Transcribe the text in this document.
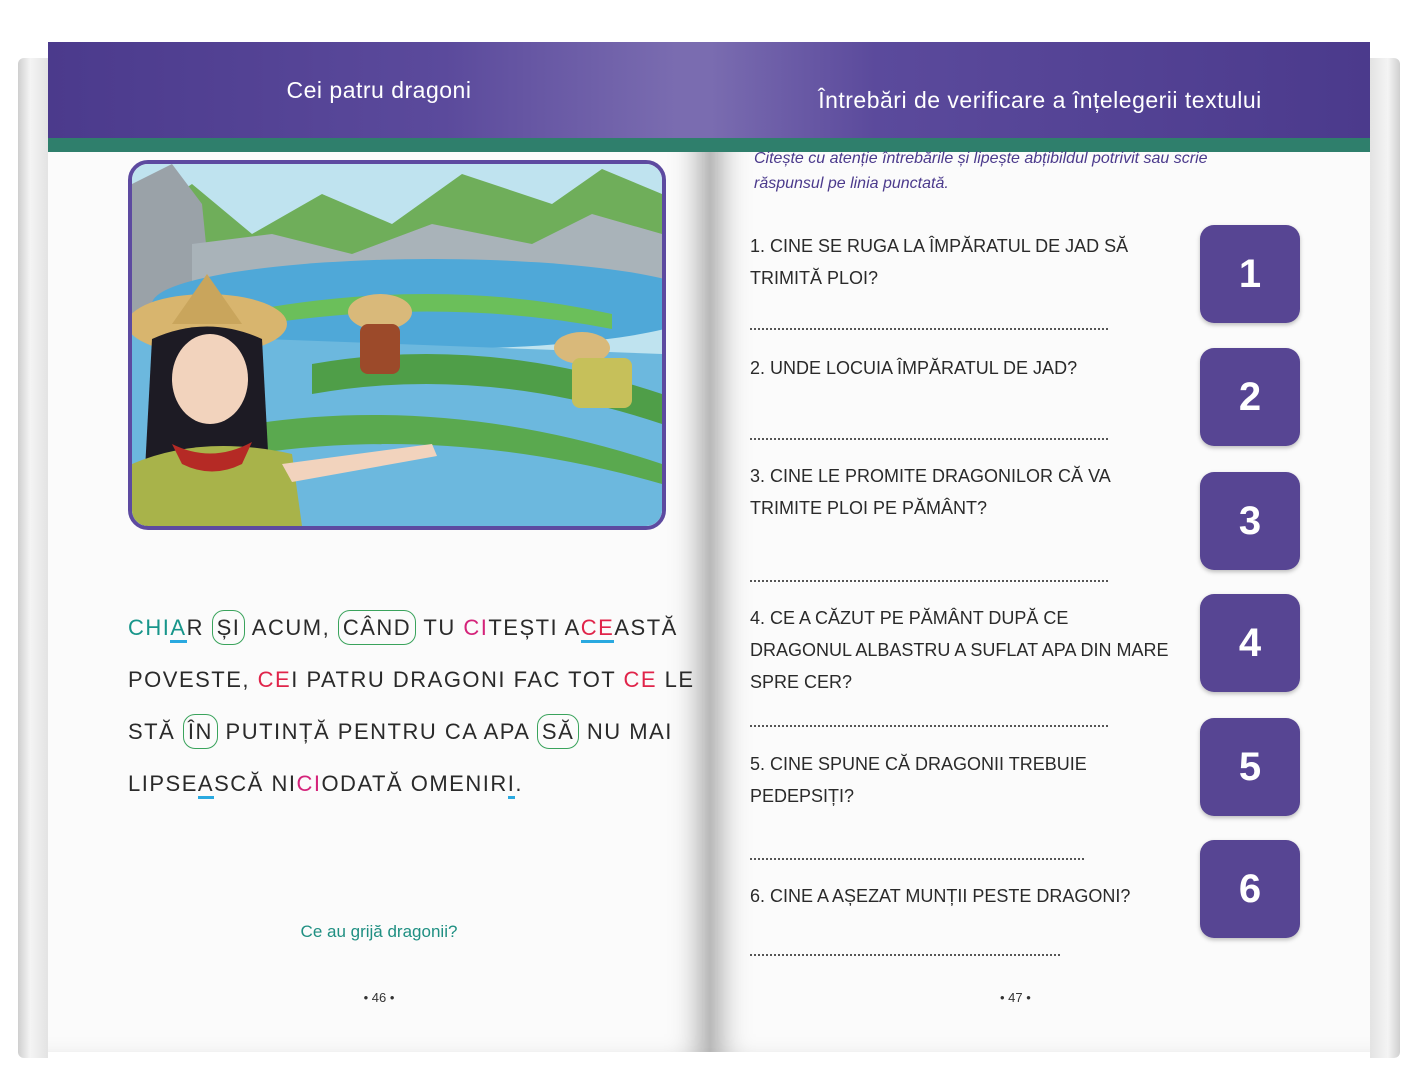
Cei patru dragoni
CHIAR ȘI ACUM, CÂND TU CITEȘTI ACEASTĂ
POVESTE, CEI PATRU DRAGONI FAC TOT CE LE
STĂ ÎN PUTINȚĂ PENTRU CA APA SĂ NU MAI
LIPSEASCĂ NICIODATĂ OMENIRI.
Ce au grijă dragonii?
• 46 •
Întrebări de verificare a înțelegerii textului
Citește cu atenție întrebările și lipește abțibildul potrivit sau scrie răspunsul pe linia punctată.
1. CINE SE RUGA LA ÎMPĂRATUL DE JAD SĂ TRIMITĂ PLOI?	1
2. UNDE LOCUIA ÎMPĂRATUL DE JAD?
2
3. CINE LE PROMITE DRAGONILOR CĂ VA TRIMITE PLOI PE PĂMÂNT?	3
4. CE A CĂZUT PE PĂMÂNT DUPĂ CE DRAGONUL ALBASTRU A SUFLAT APA DIN MARE SPRE CER?
4
5. CINE SPUNE CĂ DRAGONII TREBUIE PEDEPSIȚI?
5
6. CINE A AȘEZAT MUNȚII PESTE DRAGONI?	6
• 47 •
